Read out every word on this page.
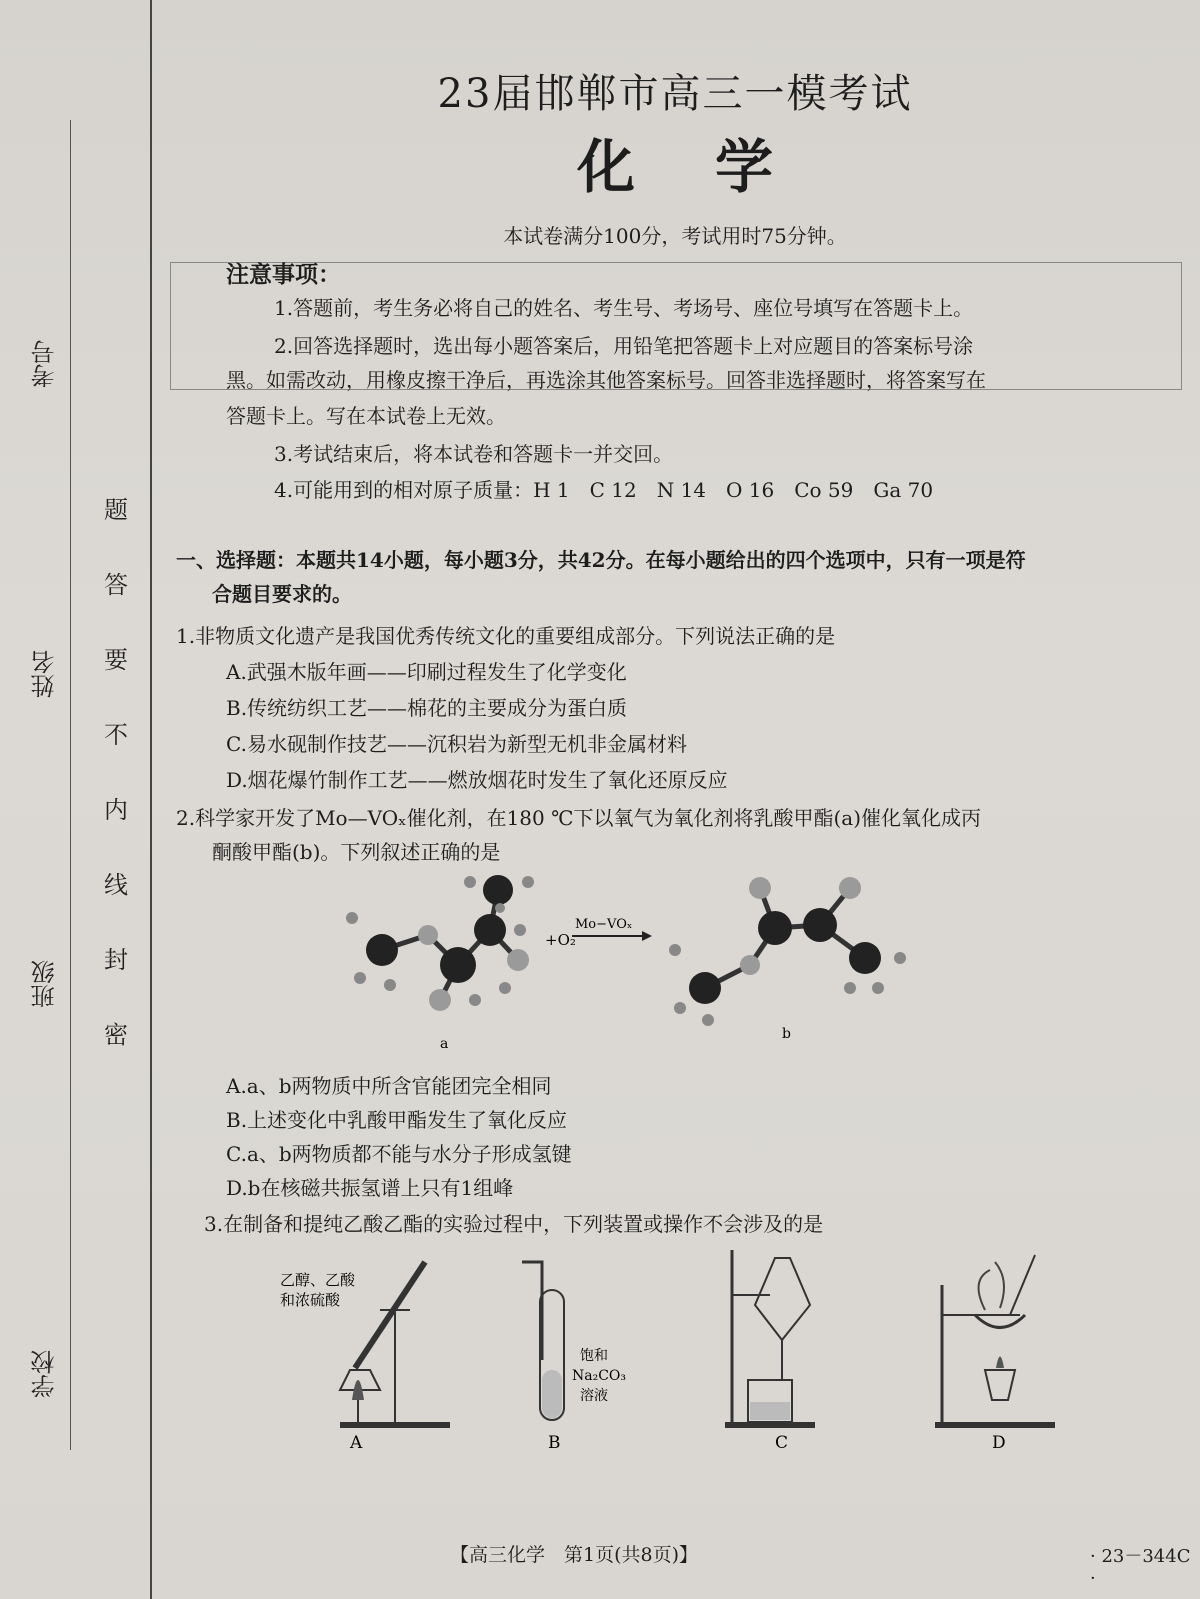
考号
姓名
班级
学校
题
答
要
不
内
线
封
密
23届邯郸市高三一模考试
化学
本试卷满分100分，考试用时75分钟。
注意事项：
1.答题前，考生务必将自己的姓名、考生号、考场号、座位号填写在答题卡上。
2.回答选择题时，选出每小题答案后，用铅笔把答题卡上对应题目的答案标号涂
黑。如需改动，用橡皮擦干净后，再选涂其他答案标号。回答非选择题时，将答案写在
答题卡上。写在本试卷上无效。
3.考试结束后，将本试卷和答题卡一并交回。
4.可能用到的相对原子质量：H 1　C 12　N 14　O 16　Co 59　Ga 70
一、选择题：本题共14小题，每小题3分，共42分。在每小题给出的四个选项中，只有一项是符
合题目要求的。
1.非物质文化遗产是我国优秀传统文化的重要组成部分。下列说法正确的是
A.武强木版年画——印刷过程发生了化学变化
B.传统纺织工艺——棉花的主要成分为蛋白质
C.易水砚制作技艺——沉积岩为新型无机非金属材料
D.烟花爆竹制作工艺——燃放烟花时发生了氧化还原反应
2.科学家开发了Mo—VOₓ催化剂，在180 ℃下以氧气为氧化剂将乳酸甲酯(a)催化氧化成丙
酮酸甲酯(b)。下列叙述正确的是
a
+O₂
Mo−VOₓ
b
A.a、b两物质中所含官能团完全相同
B.上述变化中乳酸甲酯发生了氧化反应
C.a、b两物质都不能与水分子形成氢键
D.b在核磁共振氢谱上只有1组峰
3.在制备和提纯乙酸乙酯的实验过程中，下列装置或操作不会涉及的是
乙醇、乙酸
和浓硫酸
A
饱和
Na₂CO₃
溶液
B	C	D
【高三化学　第1页(共8页)】	· 23－344C ·
